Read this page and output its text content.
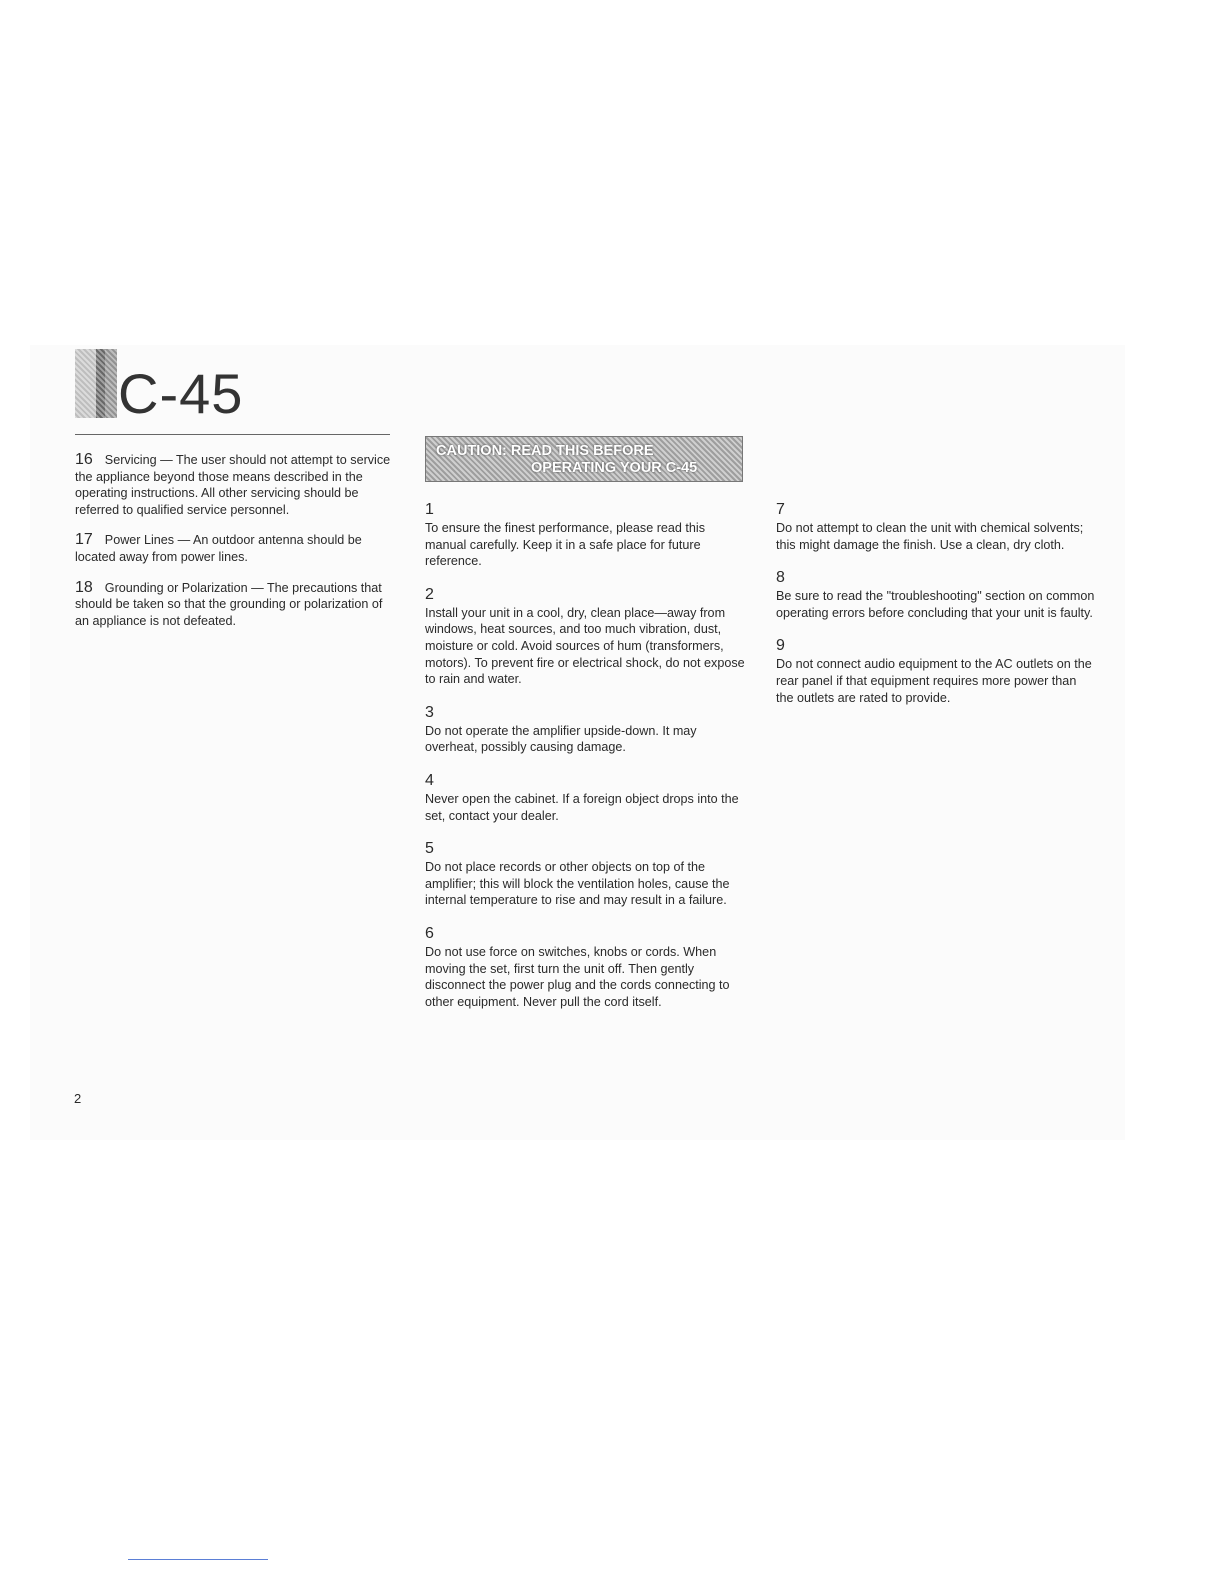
C-45

16 Servicing — The user should not attempt to service the appliance beyond those means described in the operating instructions. All other servicing should be referred to qualified service personnel.

17 Power Lines — An outdoor antenna should be located away from power lines.

18 Grounding or Polarization — The precautions that should be taken so that the grounding or polarization of an appliance is not defeated.

CAUTION: READ THIS BEFORE
OPERATING YOUR C-45
1
To ensure the finest performance, please read this manual carefully. Keep it in a safe place for future reference.
2
Install your unit in a cool, dry, clean place—away from windows, heat sources, and too much vibration, dust, moisture or cold. Avoid sources of hum (transformers, motors). To prevent fire or electrical shock, do not expose to rain and water.
3
Do not operate the amplifier upside-down. It may overheat, possibly causing damage.
4
Never open the cabinet. If a foreign object drops into the set, contact your dealer.
5
Do not place records or other objects on top of the amplifier; this will block the ventilation holes, cause the internal temperature to rise and may result in a failure.
6
Do not use force on switches, knobs or cords. When moving the set, first turn the unit off. Then gently disconnect the power plug and the cords connecting to other equipment. Never pull the cord itself.
7
Do not attempt to clean the unit with chemical solvents; this might damage the finish. Use a clean, dry cloth.
8
Be sure to read the "troubleshooting" section on common operating errors before concluding that your unit is faulty.
9
Do not connect audio equipment to the AC outlets on the rear panel if that equipment requires more power than the outlets are rated to provide.
2
